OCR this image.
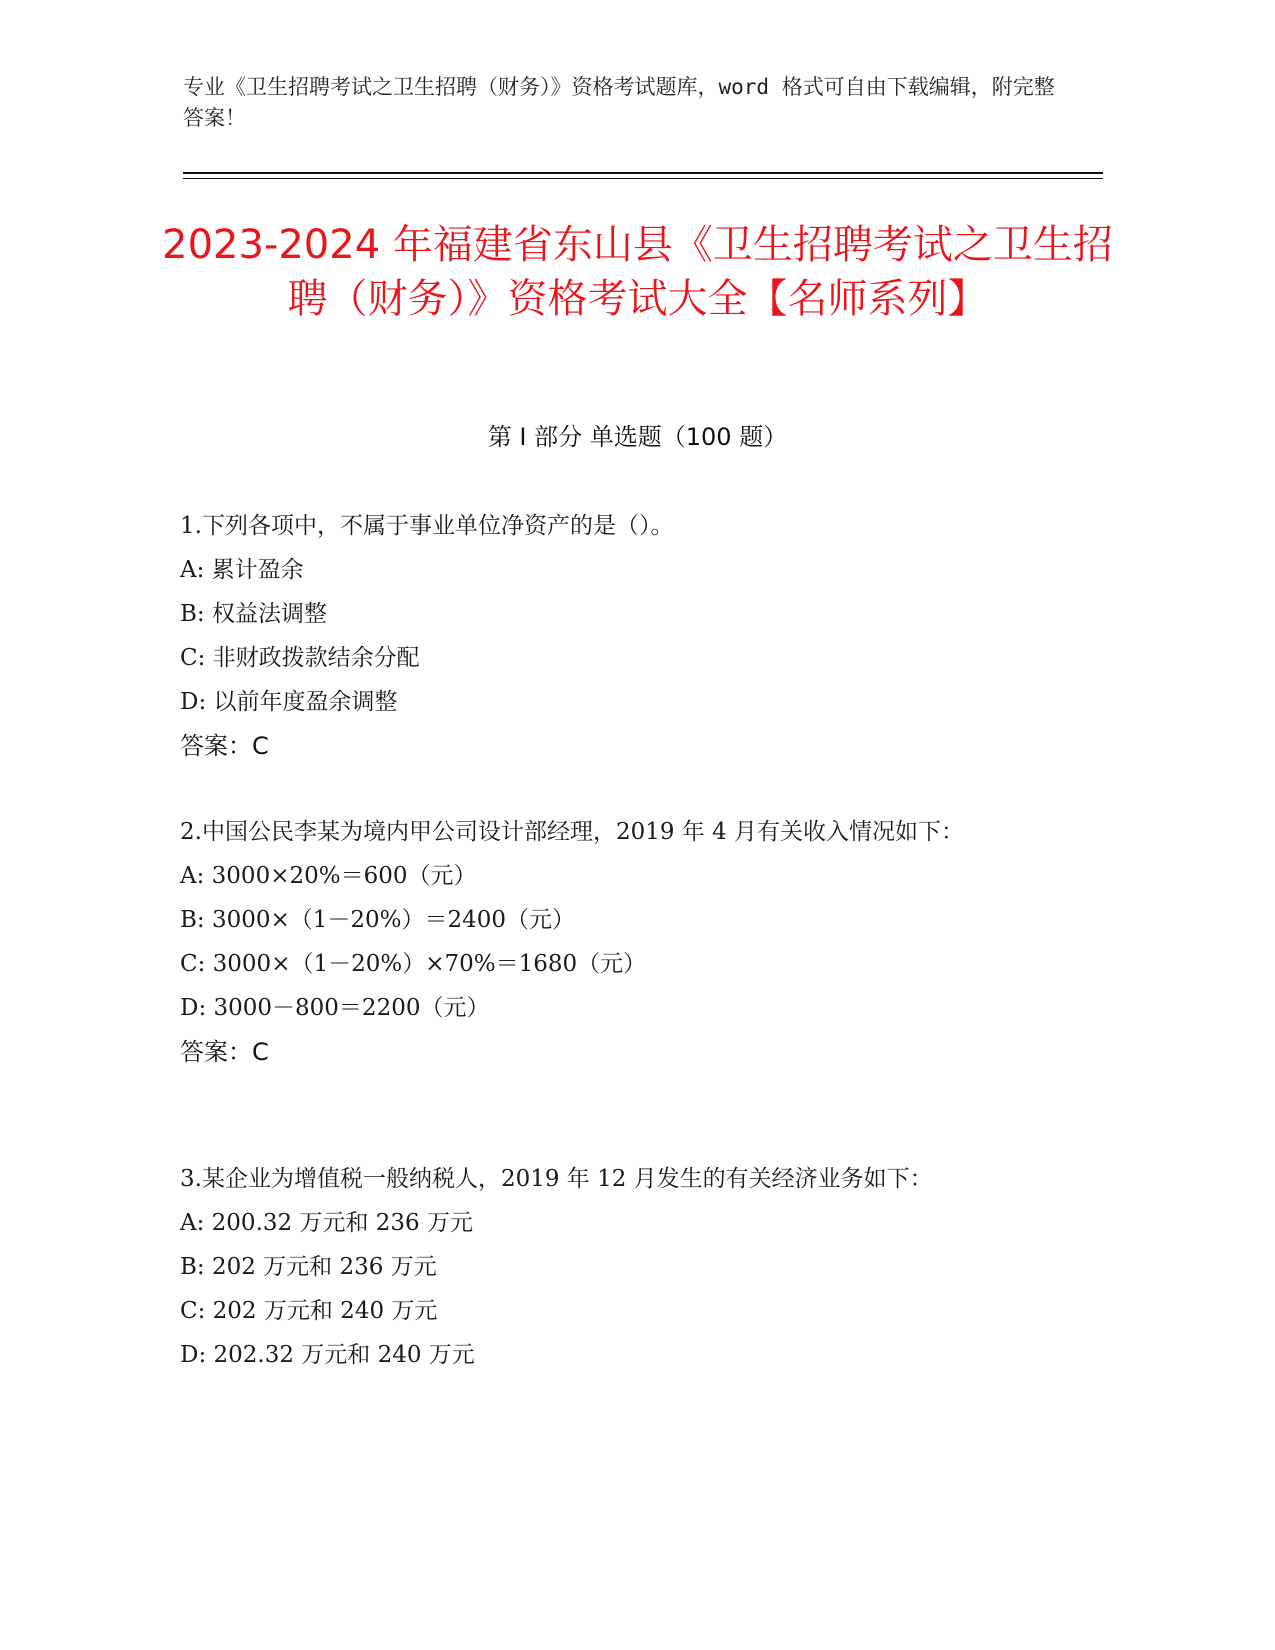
专业《卫生招聘考试之卫生招聘（财务）》资格考试题库，word 格式可自由下载编辑，附完整答案！
2023-2024 年福建省东山县《卫生招聘考试之卫生招聘（财务）》资格考试大全【名师系列】
第 I 部分 单选题（100 题）
1.下列各项中，不属于事业单位净资产的是（）。
A: 累计盈余
B: 权益法调整
C: 非财政拨款结余分配
D: 以前年度盈余调整
答案：C
2.中国公民李某为境内甲公司设计部经理，2019 年 4 月有关收入情况如下：
A: 3000×20%＝600（元）
B: 3000×（1－20%）＝2400（元）
C: 3000×（1－20%）×70%＝1680（元）
D: 3000－800＝2200（元）
答案：C
3.某企业为增值税一般纳税人，2019 年 12 月发生的有关经济业务如下：
A: 200.32 万元和 236 万元
B: 202 万元和 236 万元
C: 202 万元和 240 万元
D: 202.32 万元和 240 万元
